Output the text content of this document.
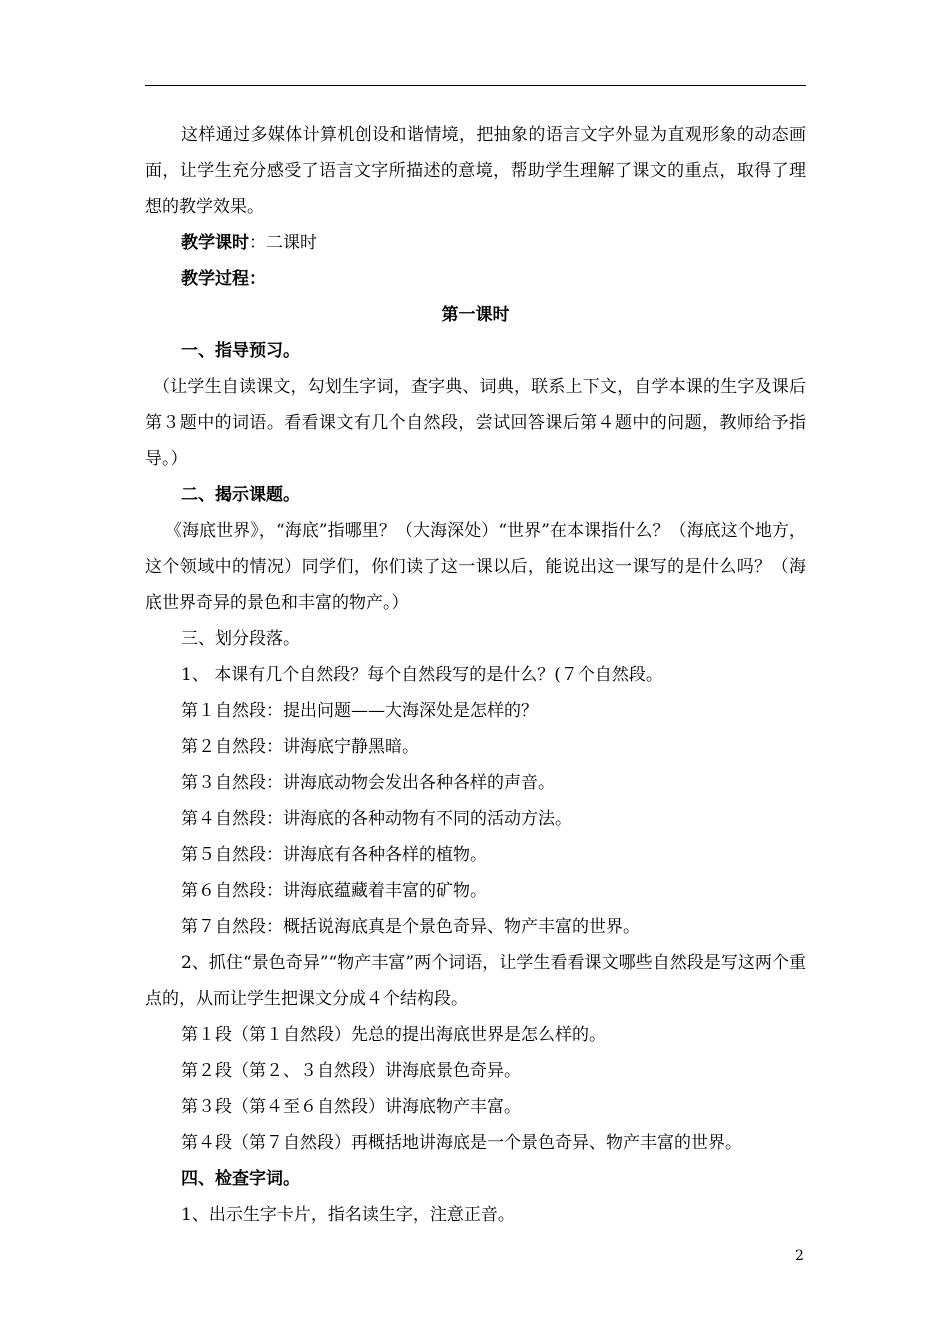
这样通过多媒体计算机创设和谐情境，把抽象的语言文字外显为直观形象的动态画面，让学生充分感受了语言文字所描述的意境，帮助学生理解了课文的重点，取得了理想的教学效果。

教学课时：二课时

教学过程：

第一课时

一、指导预习。

（让学生自读课文，勾划生字词，查字典、词典，联系上下文，自学本课的生字及课后第３题中的词语。看看课文有几个自然段，尝试回答课后第４题中的问题，教师给予指导。）

二、揭示课题。

《海底世界》，“海底”指哪里？（大海深处）“世界”在本课指什么？（海底这个地方，这个领域中的情况）同学们，你们读了这一课以后，能说出这一课写的是什么吗？（海底世界奇异的景色和丰富的物产。）

三、划分段落。

1、 本课有几个自然段？每个自然段写的是什么？(７个自然段。

第１自然段：提出问题——大海深处是怎样的？

第２自然段：讲海底宁静黑暗。

第３自然段：讲海底动物会发出各种各样的声音。

第４自然段：讲海底的各种动物有不同的活动方法。

第５自然段：讲海底有各种各样的植物。

第６自然段：讲海底蕴藏着丰富的矿物。

第７自然段：概括说海底真是个景色奇异、物产丰富的世界。

2、抓住“景色奇异”“物产丰富”两个词语，让学生看看课文哪些自然段是写这两个重点的，从而让学生把课文分成４个结构段。

第１段（第１自然段）先总的提出海底世界是怎么样的。

第２段（第２、３自然段）讲海底景色奇异。

第３段（第４至６自然段）讲海底物产丰富。

第４段（第７自然段）再概括地讲海底是一个景色奇异、物产丰富的世界。

四、检查字词。

1、出示生字卡片，指名读生字，注意正音。

2
